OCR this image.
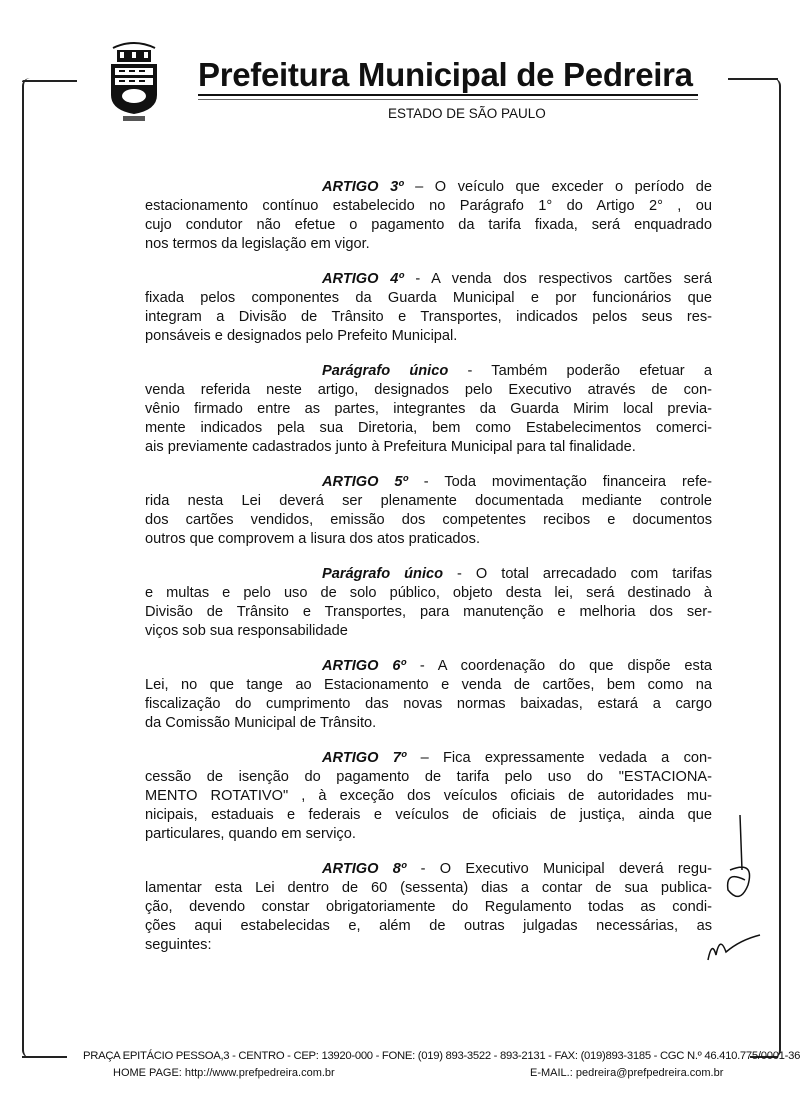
Prefeitura Municipal de Pedreira
ESTADO DE SÃO PAULO
ARTIGO 3º – O veículo que exceder o período de
estacionamento contínuo estabelecido no Parágrafo 1° do Artigo 2° , ou
cujo condutor não efetue o pagamento da tarifa fixada, será enquadrado
nos termos da legislação em vigor.
ARTIGO 4º - A venda dos respectivos cartões será
fixada pelos componentes da Guarda Municipal e por funcionários que
integram a Divisão de Trânsito e Transportes, indicados pelos seus res-
ponsáveis e designados pelo Prefeito Municipal.
Parágrafo único - Também poderão efetuar a
venda referida neste artigo, designados pelo Executivo através de con-
vênio firmado entre as partes, integrantes da Guarda Mirim local previa-
mente indicados pela sua Diretoria, bem como Estabelecimentos comerci-
ais previamente cadastrados junto à Prefeitura Municipal para tal finalidade.
ARTIGO 5º - Toda movimentação financeira refe-
rida nesta Lei deverá ser plenamente documentada mediante controle
dos cartões vendidos, emissão dos competentes recibos e documentos
outros que comprovem a lisura dos atos praticados.
Parágrafo único - O total arrecadado com tarifas
e multas e pelo uso de solo público, objeto desta lei, será destinado à
Divisão de Trânsito e Transportes, para manutenção e melhoria dos ser-
viços sob sua responsabilidade
ARTIGO 6º - A coordenação do que dispõe esta
Lei, no que tange ao Estacionamento e venda de cartões, bem como na
fiscalização do cumprimento das novas normas baixadas, estará a cargo
da Comissão Municipal de Trânsito.
ARTIGO 7º – Fica expressamente vedada a con-
cessão de isenção do pagamento de tarifa pelo uso do "ESTACIONA-
MENTO ROTATIVO" , à exceção dos veículos oficiais de autoridades mu-
nicipais, estaduais e federais e veículos de oficiais de justiça, ainda que
particulares, quando em serviço.
ARTIGO 8º - O Executivo Municipal deverá regu-
lamentar esta Lei dentro de 60 (sessenta) dias a contar de sua publica-
ção, devendo constar obrigatoriamente do Regulamento todas as condi-
ções aqui estabelecidas e, além de outras julgadas necessárias, as
seguintes:
PRAÇA EPITÁCIO PESSOA,3 - CENTRO - CEP: 13920-000 - FONE: (019) 893-3522 - 893-2131 - FAX: (019)893-3185 - CGC N.º 46.410.775/0001-36
HOME PAGE: http://www.prefpedreira.com.br	E-MAIL.: pedreira@prefpedreira.com.br
